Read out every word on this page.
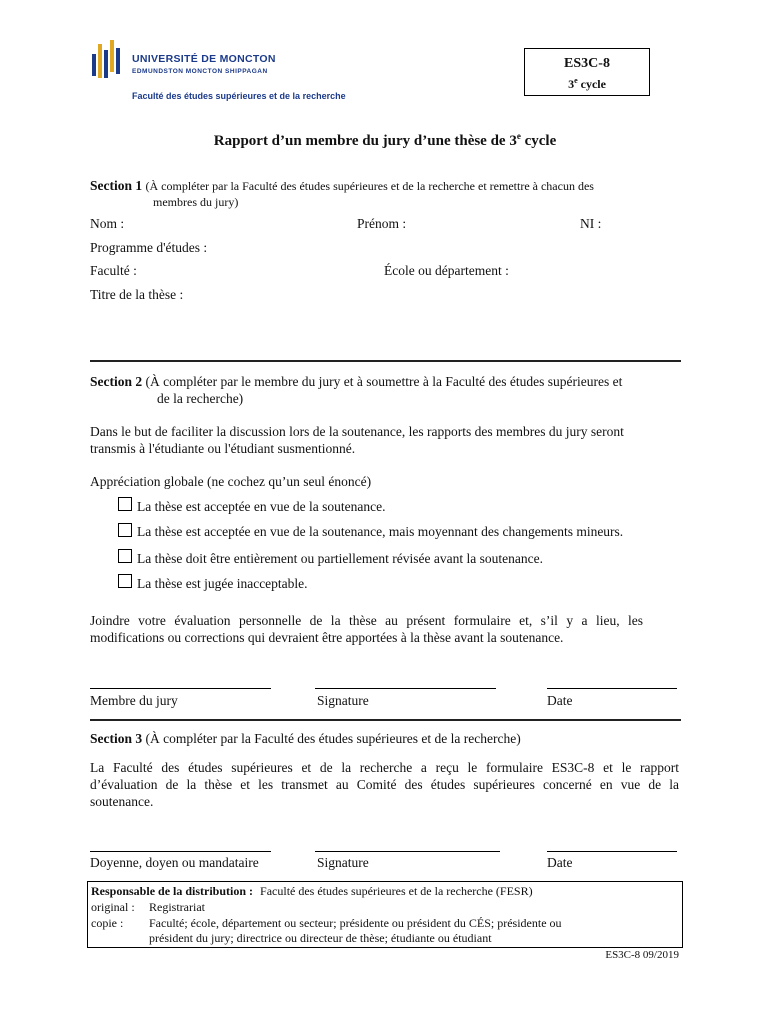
UNIVERSITÉ DE MONCTON
EDMUNDSTON MONCTON SHIPPAGAN
Faculté des études supérieures et de la recherche
ES3C-8
3e cycle
Rapport d’un membre du jury d’une thèse de 3e cycle
Section 1 (À compléter par la Faculté des études supérieures et de la recherche et remettre à chacun des
membres du jury)
Nom :	Prénom :	NI :
Programme d'études :
Faculté :	École ou département :
Titre de la thèse :
Section 2 (À compléter par le membre du jury et à soumettre à la Faculté des études supérieures et
de la recherche)
Dans le but de faciliter la discussion lors de la soutenance, les rapports des membres du jury seront
transmis à l'étudiante ou l'étudiant susmentionné.
Appréciation globale (ne cochez qu’un seul énoncé)
La thèse est acceptée en vue de la soutenance.
La thèse est acceptée en vue de la soutenance, mais moyennant des changements mineurs.
La thèse doit être entièrement ou partiellement révisée avant la soutenance.
La thèse est jugée inacceptable.
Joindre votre évaluation personnelle de la thèse au présent formulaire et, s’il y a lieu, les
modifications ou corrections qui devraient être apportées à la thèse avant la soutenance.
Membre du jury	Signature	Date
Section 3 (À compléter par la Faculté des études supérieures et de la recherche)
La Faculté des études supérieures et de la recherche a reçu le formulaire ES3C-8 et le rapport
d’évaluation de la thèse et les transmet au Comité des études supérieures concerné en vue de la
soutenance.
Doyenne, doyen ou mandataire	Signature	Date
Responsable de la distribution : Faculté des études supérieures et de la recherche (FESR)
original : Registrariat
copie : Faculté; école, département ou secteur; présidente ou président du CÉS; présidente ou
président du jury; directrice ou directeur de thèse; étudiante ou étudiant
ES3C-8 09/2019
